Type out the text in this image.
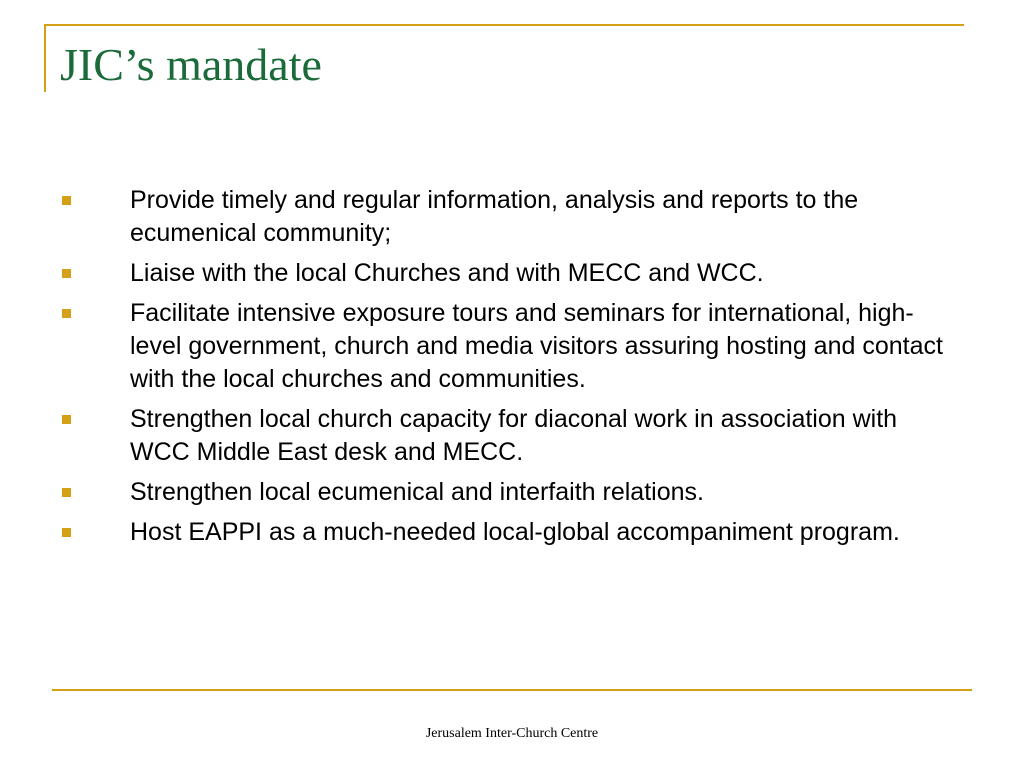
JIC’s mandate
Provide timely and regular information, analysis and reports to the ecumenical community;
Liaise with the local Churches and with MECC and WCC.
Facilitate intensive exposure tours and seminars for international, high-level government, church and media visitors assuring hosting and contact with the local churches and communities.
Strengthen local church capacity for diaconal work in association with WCC Middle East desk and MECC.
Strengthen local ecumenical and interfaith relations.
Host EAPPI as a much-needed local-global accompaniment program.
Jerusalem Inter-Church Centre
